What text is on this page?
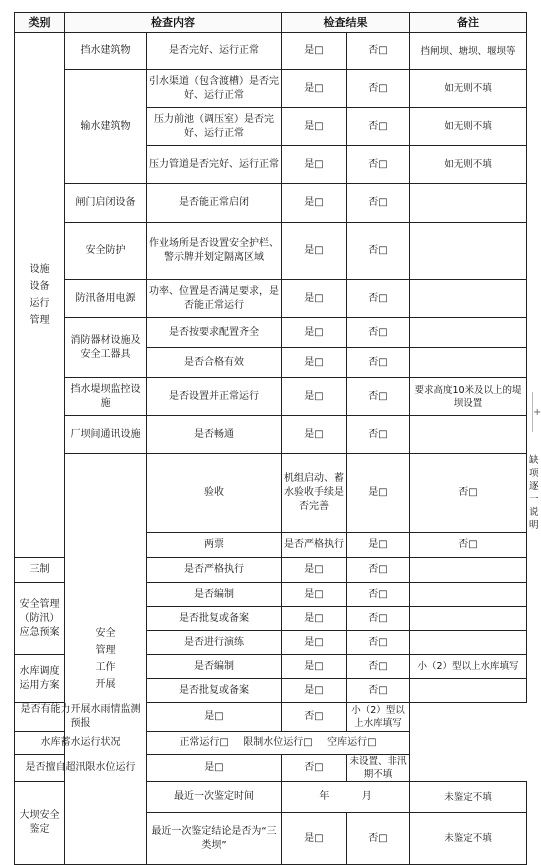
类别	检查内容		检查结果		备注	

设施设备运行管理	挡水建筑物	是否完好、运行正常	是□	否□	挡闸坝、塘坝、堰坝等	
	输水建筑物	引水渠道（包含渡槽）是否完好、运行正常	是□	否□	如无则不填	
		压力前池（调压室）是否完好、运行正常	是□	否□	如无则不填	
		压力管道是否完好、运行正常	是□	否□	如无则不填	
	闸门启闭设备	是否能正常启闭	是□	否□		
	安全防护	作业场所是否设置安全护栏、警示牌并划定隔离区域	是□	否□		
	防汛备用电源	功率、位置是否满足要求，是否能正常运行	是□	否□		
	消防器材设施及安全工器具	是否按要求配置齐全	是□	否□		
		是否合格有效	是□	否□		
	挡水堤坝监控设施	是否设置并正常运行	是□	否□	要求高度10米及以上的堤坝设置	
	厂坝间通讯设施	是否畅通	是□	否□		

	安全管理工作开展	验收	机组启动、蓄水验收手续是否完善	是□	否□	缺项逐一说明
		两票	是否严格执行	是□	否□	
三制		是否严格执行	是□	否□		
安全管理（防汛）应急预案		是否编制	是□	否□		
		是否批复或备案	是□	否□		
		是否进行演练	是□	否□		
水库调度运用方案		是否编制	是□	否□	小（2）型以上水库填写	
		是否批复或备案	是□	否□		
是否有能力开展水雨情监测预报		是□	否□	小（2）型以上水库填写		
水库蓄水运行状况		正常运行□ 限制水位运行□ 空库运行□				
是否擅自超汛限水位运行		是□	否□	未设置、非汛期不填		
大坝安全鉴定		最近一次鉴定时间	年 月		未鉴定不填	
		最近一次鉴定结论是否为“三类坝”	是□	否□	未鉴定不填	
+
